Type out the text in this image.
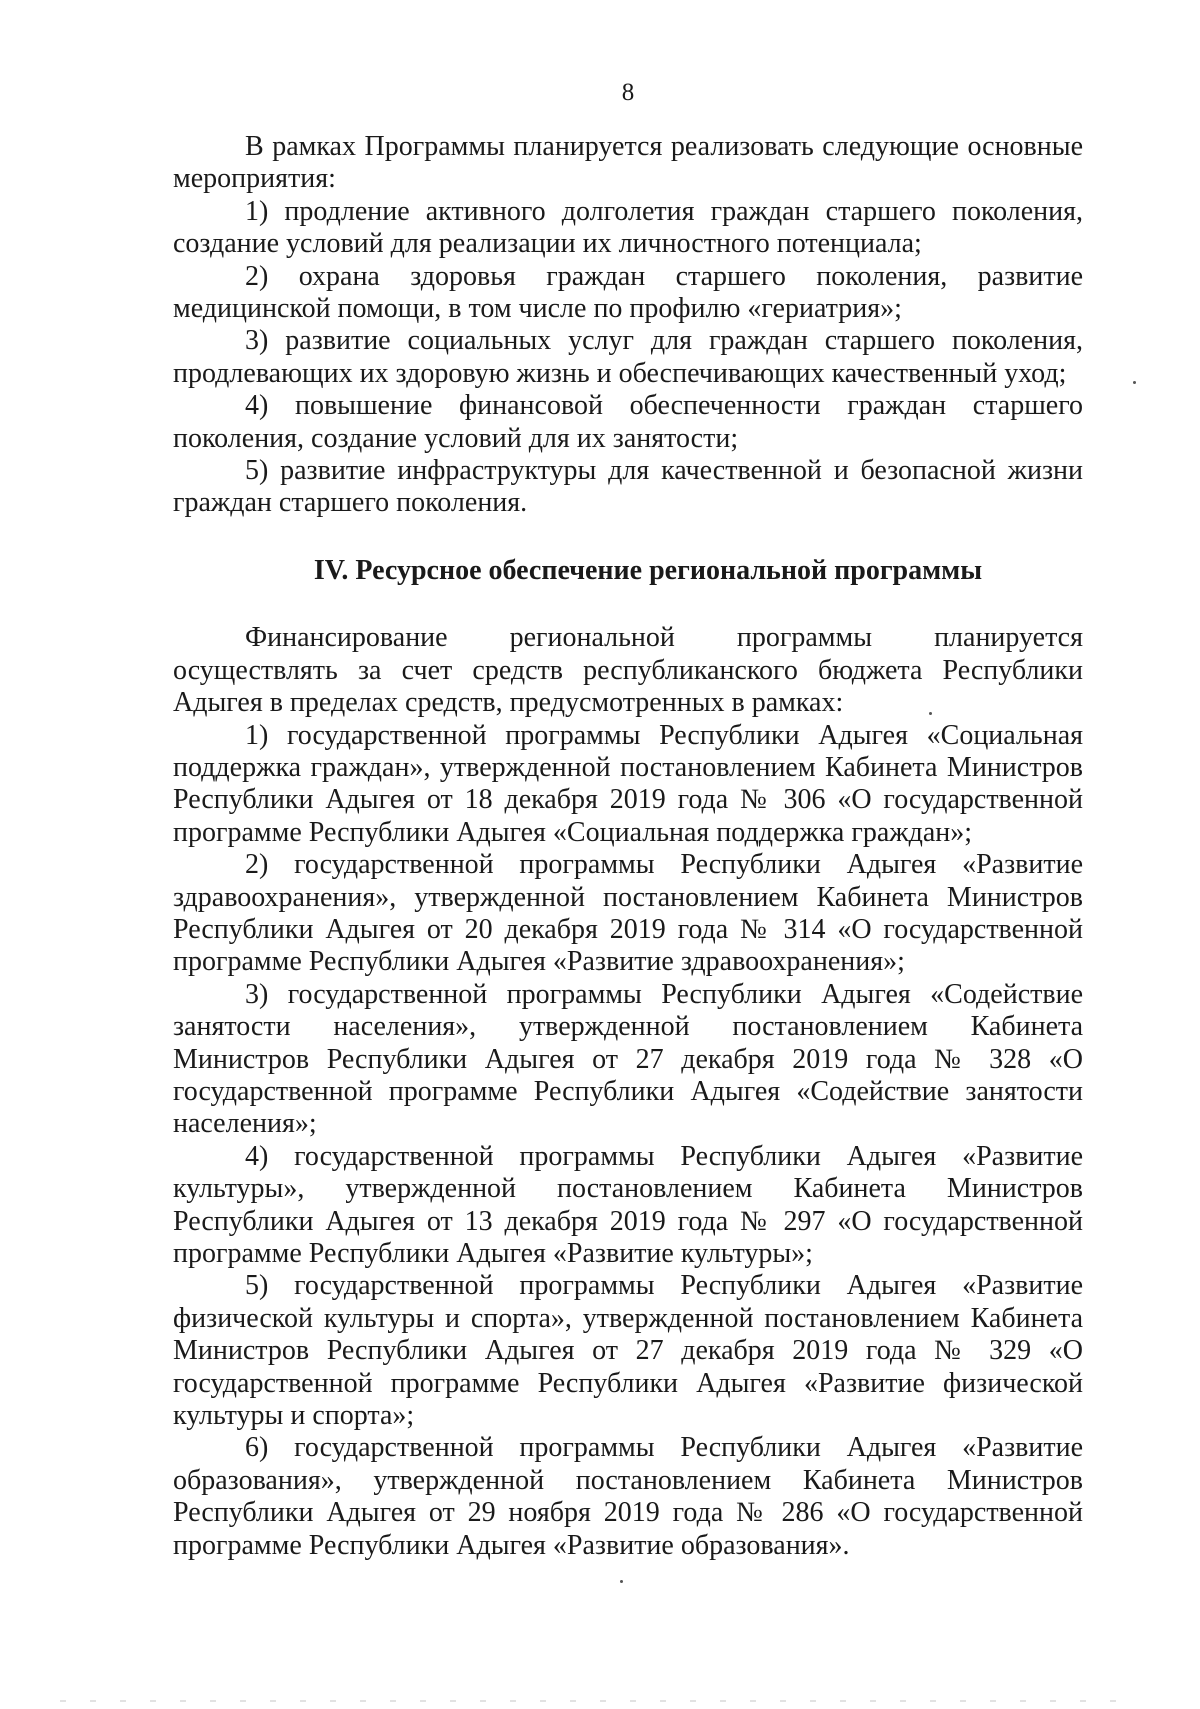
8

В рамках Программы планируется реализовать следующие основные мероприятия:

1) продление активного долголетия граждан старшего поколения, создание условий для реализации их личностного потенциала;

2) охрана здоровья граждан старшего поколения, развитие медицинской помощи, в том числе по профилю «гериатрия»;

3) развитие социальных услуг для граждан старшего поколения, продлевающих их здоровую жизнь и обеспечивающих качественный уход;

4) повышение финансовой обеспеченности граждан старшего поколения, создание условий для их занятости;

5) развитие инфраструктуры для качественной и безопасной жизни граждан старшего поколения.

IV. Ресурсное обеспечение региональной программы

Финансирование региональной программы планируется осуществлять за счет средств республиканского бюджета Республики Адыгея в пределах средств, предусмотренных в рамках:

1) государственной программы Республики Адыгея «Социальная поддержка граждан», утвержденной постановлением Кабинета Министров Республики Адыгея от 18 декабря 2019 года № 306 «О государственной программе Республики Адыгея «Социальная поддержка граждан»;

2) государственной программы Республики Адыгея «Развитие здравоохранения», утвержденной постановлением Кабинета Министров Республики Адыгея от 20 декабря 2019 года № 314 «О государственной программе Республики Адыгея «Развитие здравоохранения»;

3) государственной программы Республики Адыгея «Содействие занятости населения», утвержденной постановлением Кабинета Министров Республики Адыгея от 27 декабря 2019 года № 328 «О государственной программе Республики Адыгея «Содействие занятости населения»;

4) государственной программы Республики Адыгея «Развитие культуры», утвержденной постановлением Кабинета Министров Республики Адыгея от 13 декабря 2019 года № 297 «О государственной программе Республики Адыгея «Развитие культуры»;

5) государственной программы Республики Адыгея «Развитие физической культуры и спорта», утвержденной постановлением Кабинета Министров Республики Адыгея от 27 декабря 2019 года № 329 «О государственной программе Республики Адыгея «Развитие физической культуры и спорта»;

6) государственной программы Республики Адыгея «Развитие образования», утвержденной постановлением Кабинета Министров Республики Адыгея от 29 ноября 2019 года № 286 «О государственной программе Республики Адыгея «Развитие образования».
